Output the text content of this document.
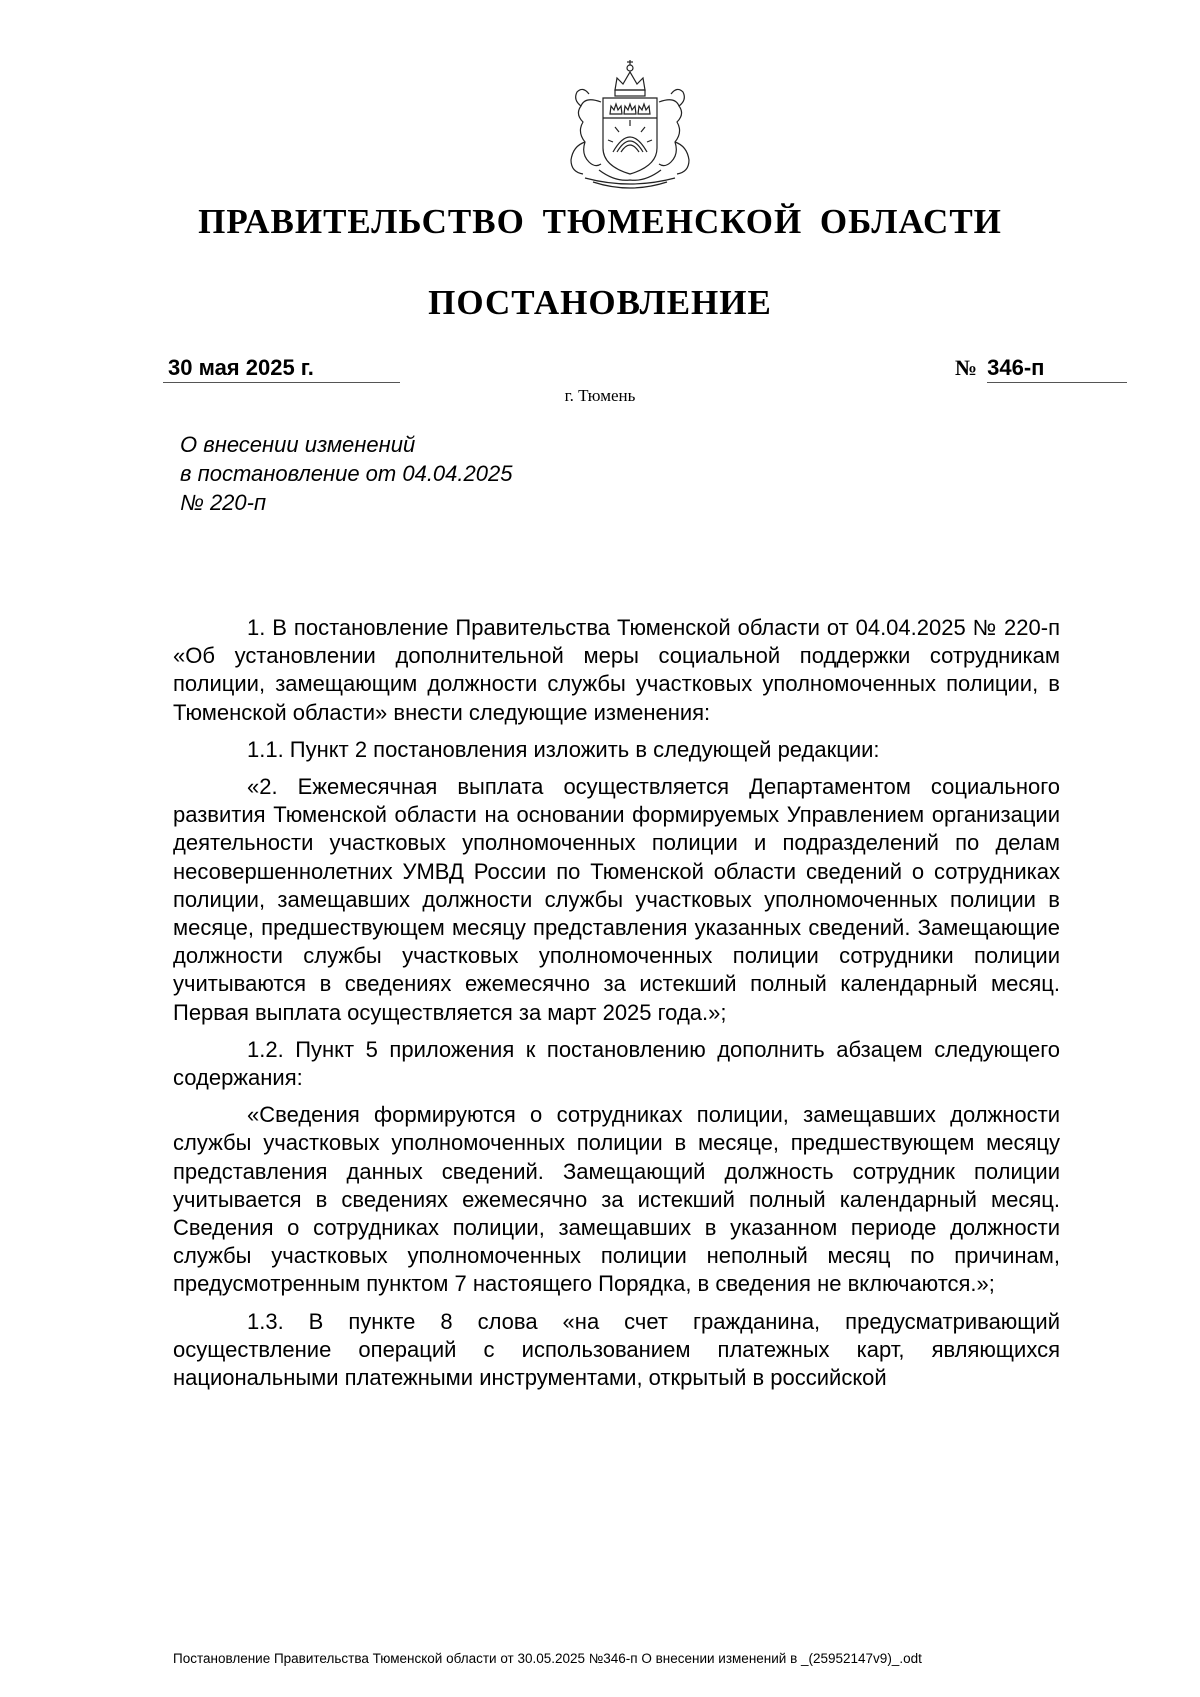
ПРАВИТЕЛЬСТВО ТЮМЕНСКОЙ ОБЛАСТИ
ПОСТАНОВЛЕНИЕ
30 мая 2025 г.	№ 346-п
г. Тюмень
О внесении изменений
в постановление от 04.04.2025
№ 220-п

1. В постановление Правительства Тюменской области от 04.04.2025 № 220-п «Об установлении дополнительной меры социальной поддержки сотрудникам полиции, замещающим должности службы участковых уполномоченных полиции, в Тюменской области» внести следующие изменения:

1.1. Пункт 2 постановления изложить в следующей редакции:

«2. Ежемесячная выплата осуществляется Департаментом социального развития Тюменской области на основании формируемых Управлением организации деятельности участковых уполномоченных полиции и подразделений по делам несовершеннолетних УМВД России по Тюменской области сведений о сотрудниках полиции, замещавших должности службы участковых уполномоченных полиции в месяце, предшествующем месяцу представления указанных сведений. Замещающие должности службы участковых уполномоченных полиции сотрудники полиции учитываются в сведениях ежемесячно за истекший полный календарный месяц. Первая выплата осуществляется за март 2025 года.»;

1.2. Пункт 5 приложения к постановлению дополнить абзацем следующего содержания:

«Сведения формируются о сотрудниках полиции, замещавших должности службы участковых уполномоченных полиции в месяце, предшествующем месяцу представления данных сведений. Замещающий должность сотрудник полиции учитывается в сведениях ежемесячно за истекший полный календарный месяц. Сведения о сотрудниках полиции, замещавших в указанном периоде должности службы участковых уполномоченных полиции неполный месяц по причинам, предусмотренным пунктом 7 настоящего Порядка, в сведения не включаются.»;

1.3. В пункте 8 слова «на счет гражданина, предусматривающий осуществление операций с использованием платежных карт, являющихся национальными платежными инструментами, открытый в российской

Постановление Правительства Тюменской области от 30.05.2025 №346-п О внесении изменений в _(25952147v9)_.odt
